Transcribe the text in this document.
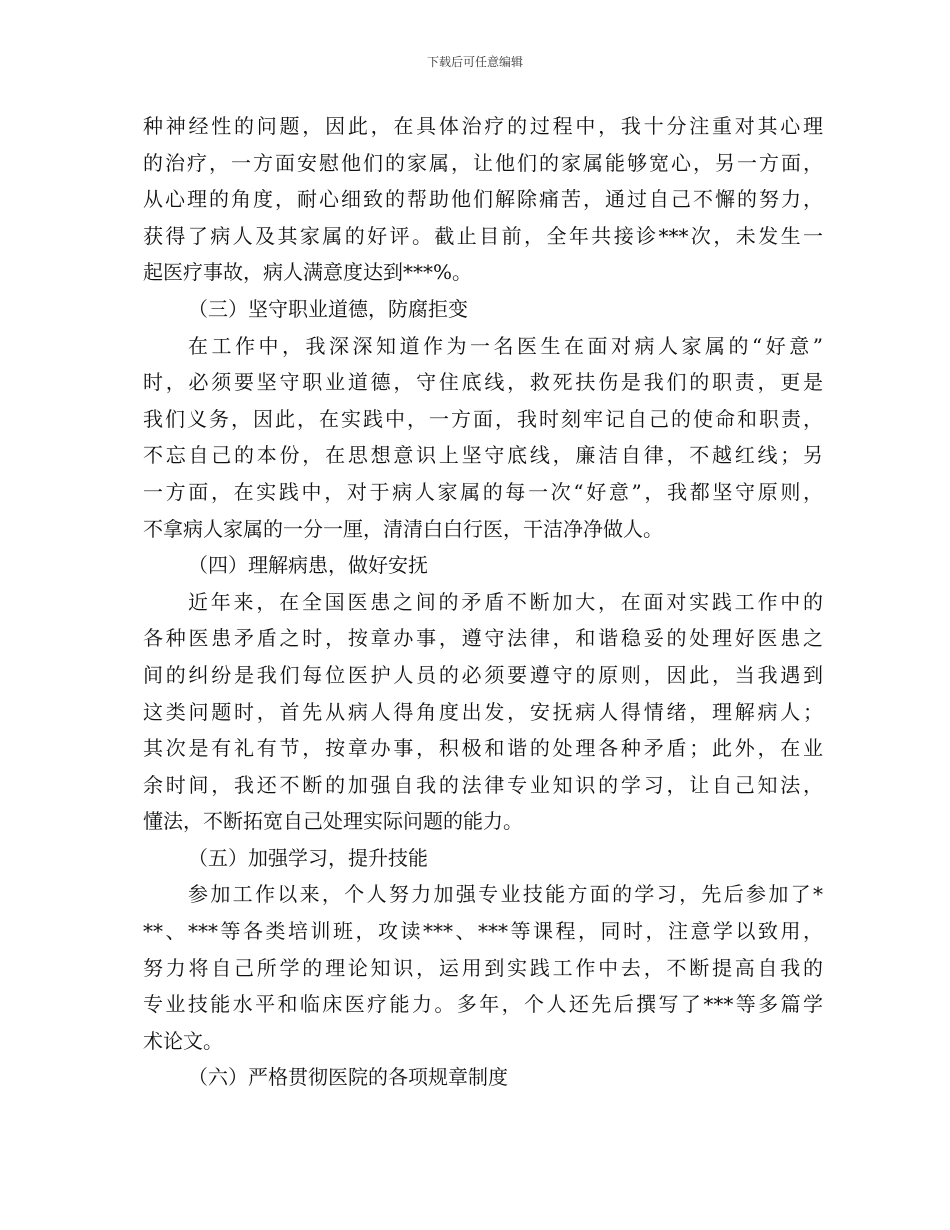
下载后可任意编辑
种神经性的问题，因此，在具体治疗的过程中，我十分注重对其心理
的治疗，一方面安慰他们的家属，让他们的家属能够宽心，另一方面，
从心理的角度，耐心细致的帮助他们解除痛苦，通过自己不懈的努力，
获得了病人及其家属的好评。截止目前，全年共接诊***次，未发生一
起医疗事故，病人满意度达到***%。
（三）坚守职业道德，防腐拒变
在工作中，我深深知道作为一名医生在面对病人家属的“好意”
时，必须要坚守职业道德，守住底线，救死扶伤是我们的职责，更是
我们义务，因此，在实践中，一方面，我时刻牢记自己的使命和职责，
不忘自己的本份，在思想意识上坚守底线，廉洁自律，不越红线；另
一方面，在实践中，对于病人家属的每一次“好意”，我都坚守原则，
不拿病人家属的一分一厘，清清白白行医，干洁净净做人。
（四）理解病患，做好安抚
近年来，在全国医患之间的矛盾不断加大，在面对实践工作中的
各种医患矛盾之时，按章办事，遵守法律，和谐稳妥的处理好医患之
间的纠纷是我们每位医护人员的必须要遵守的原则，因此，当我遇到
这类问题时，首先从病人得角度出发，安抚病人得情绪，理解病人；
其次是有礼有节，按章办事，积极和谐的处理各种矛盾；此外，在业
余时间，我还不断的加强自我的法律专业知识的学习，让自己知法，
懂法，不断拓宽自己处理实际问题的能力。
（五）加强学习，提升技能
参加工作以来，个人努力加强专业技能方面的学习，先后参加了*
**、***等各类培训班，攻读***、***等课程，同时，注意学以致用，
努力将自己所学的理论知识，运用到实践工作中去，不断提高自我的
专业技能水平和临床医疗能力。多年，个人还先后撰写了***等多篇学
术论文。
（六）严格贯彻医院的各项规章制度
